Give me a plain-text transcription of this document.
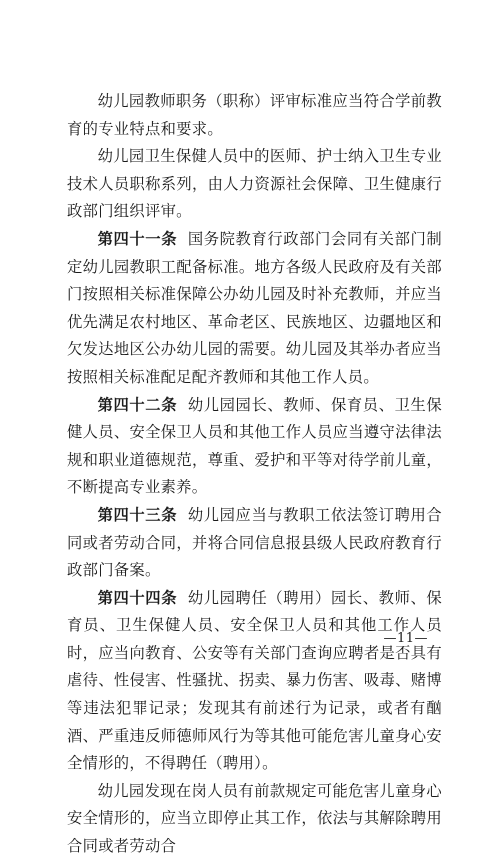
幼儿园教师职务（职称）评审标准应当符合学前教育的专业特点和要求。

幼儿园卫生保健人员中的医师、护士纳入卫生专业技术人员职称系列，由人力资源社会保障、卫生健康行政部门组织评审。

第四十一条 国务院教育行政部门会同有关部门制定幼儿园教职工配备标准。地方各级人民政府及有关部门按照相关标准保障公办幼儿园及时补充教师，并应当优先满足农村地区、革命老区、民族地区、边疆地区和欠发达地区公办幼儿园的需要。幼儿园及其举办者应当按照相关标准配足配齐教师和其他工作人员。

第四十二条 幼儿园园长、教师、保育员、卫生保健人员、安全保卫人员和其他工作人员应当遵守法律法规和职业道德规范，尊重、爱护和平等对待学前儿童，不断提高专业素养。

第四十三条 幼儿园应当与教职工依法签订聘用合同或者劳动合同，并将合同信息报县级人民政府教育行政部门备案。

第四十四条 幼儿园聘任（聘用）园长、教师、保育员、卫生保健人员、安全保卫人员和其他工作人员时，应当向教育、公安等有关部门查询应聘者是否具有虐待、性侵害、性骚扰、拐卖、暴力伤害、吸毒、赌博等违法犯罪记录；发现其有前述行为记录，或者有酗酒、严重违反师德师风行为等其他可能危害儿童身心安全情形的，不得聘任（聘用）。

幼儿园发现在岗人员有前款规定可能危害儿童身心安全情形的，应当立即停止其工作，依法与其解除聘用合同或者劳动合

—11—
